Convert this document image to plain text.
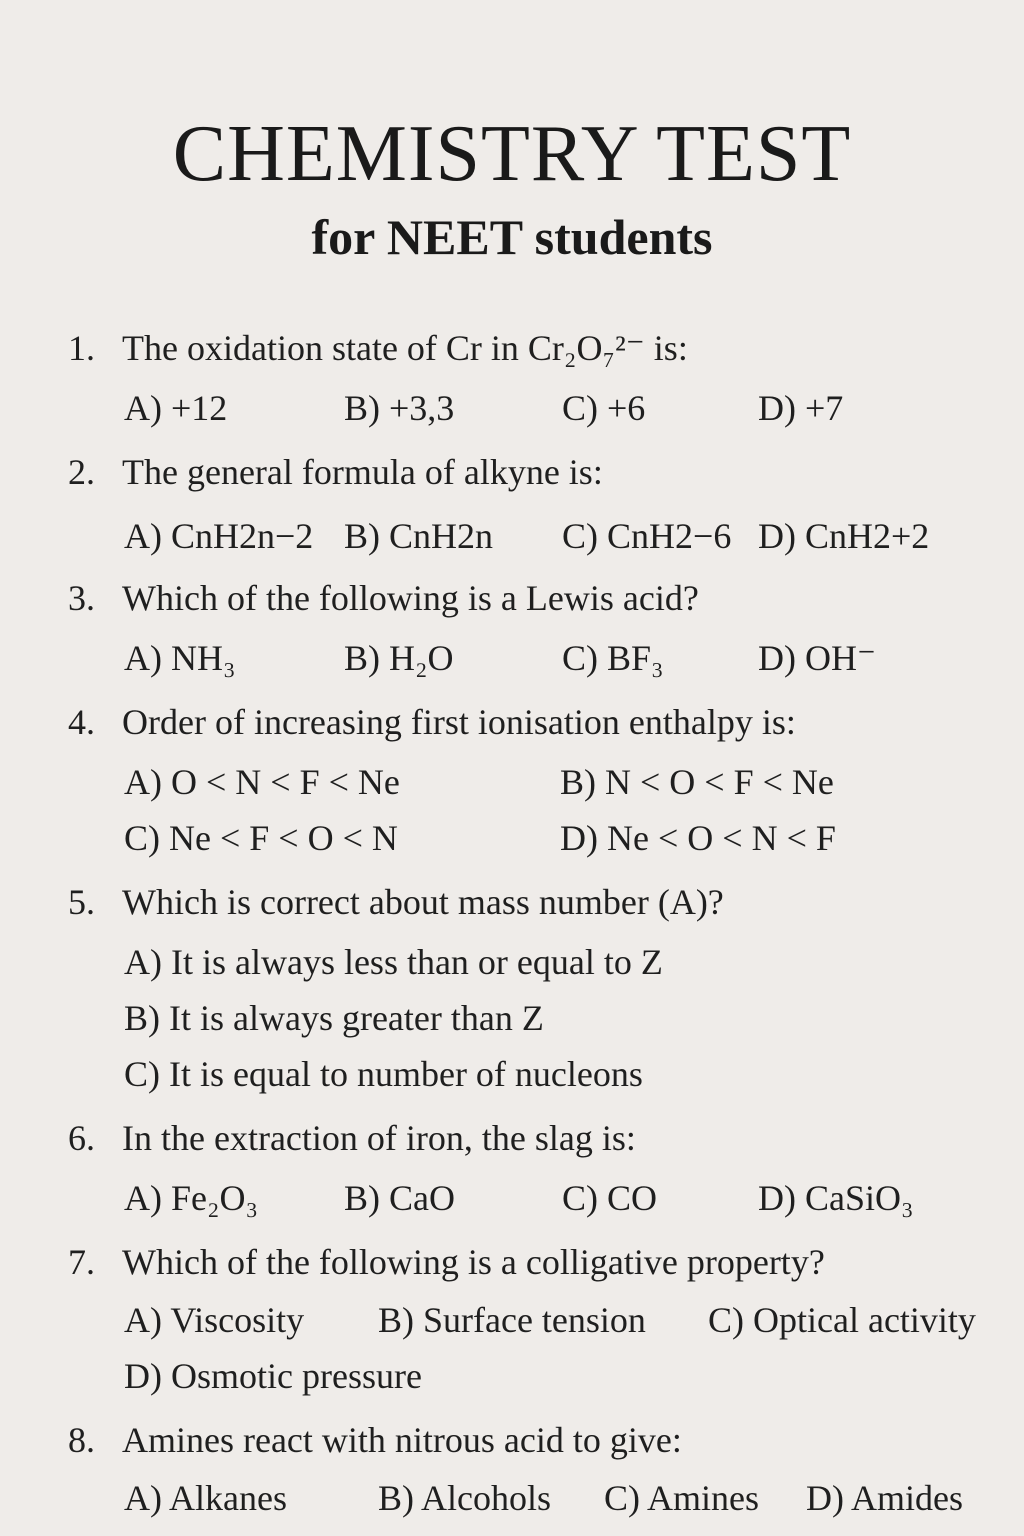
CHEMISTRY TEST
for NEET students
1. The oxidation state of Cr in Cr₂O₇²⁻ is:
A) +12	B) +3,3	C) +6	D) +7
2. The general formula of alkyne is:
A) CnH2n−2 B) CnH2n C) CnH2−6 D) CnH2+2
3. Which of the following is a Lewis acid?
A) NH₃	B) H₂O	C) BF₃	D) OH⁻
4. Order of increasing first ionisation enthalpy is:
A) O < N < F < Ne	B) N < O < F < Ne
C) Ne < F < O < N	D) Ne < O < N < F
5. Which is correct about mass number (A)?
A) It is always less than or equal to Z
B) It is always greater than Z
C) It is equal to number of nucleons
6. In the extraction of iron, the slag is:
A) Fe₂O₃ B) CaO	C) CO	D) CaSiO₃
7. Which of the following is a colligative property?
A) Viscosity B) Surface tension C) Optical activity
D) Osmotic pressure
8. Amines react with nitrous acid to give:
A) Alkanes	B) Alcohols C) Amines D) Amides
